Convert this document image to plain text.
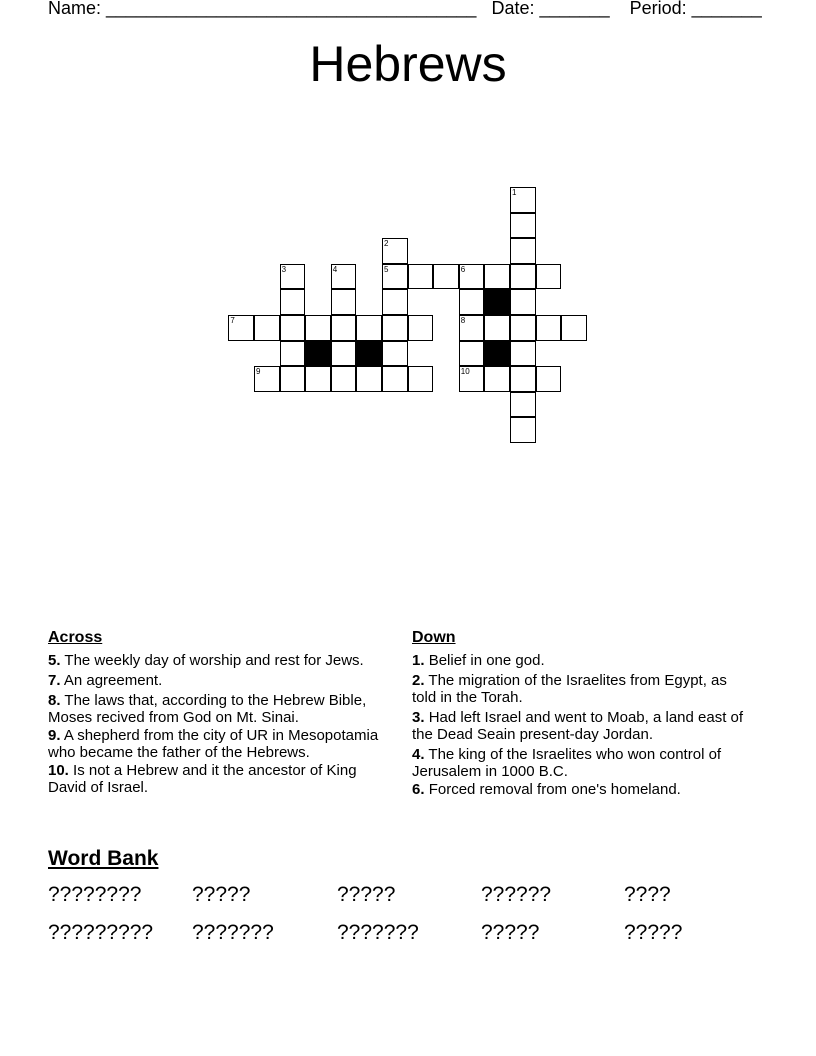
Name: _____________________________________ Date: _______ Period: _______
Hebrews
1
2
3	4	5	6
7	8
9	10
Across
5. The weekly day of worship and rest for Jews.
7. An agreement.
8. The laws that, according to the Hebrew Bible, Moses recived from God on Mt. Sinai.
9. A shepherd from the city of UR in Mesopotamia who became the father of the Hebrews.
10. Is not a Hebrew and it the ancestor of King David of Israel.
Down
1. Belief in one god.
2. The migration of the Israelites from Egypt, as told in the Torah.
3. Had left Israel and went to Moab, a land east of the Dead Seain present-day Jordan.
4. The king of the Israelites who won control of Jerusalem in 1000 B.C.
6. Forced removal from one's homeland.
Word Bank
???????? ?????	?????	??????	????
????????? ???????	???????	?????	?????
